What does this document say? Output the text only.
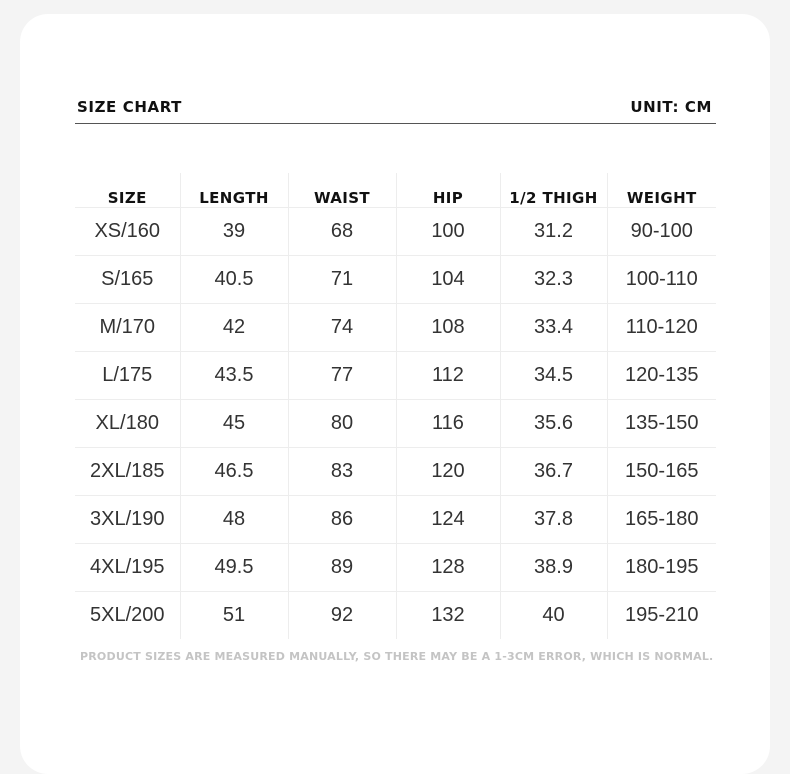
SIZE CHART	UNIT: CM
SIZE	LENGTH	WAIST	HIP	1/2 THIGH	WEIGHT
XS/160	39	68	100	31.2	90-100
S/165	40.5	71	104	32.3	100-110
M/170	42	74	108	33.4	110-120
L/175	43.5	77	112	34.5	120-135
XL/180	45	80	116	35.6	135-150
2XL/185	46.5	83	120	36.7	150-165
3XL/190	48	86	124	37.8	165-180
4XL/195	49.5	89	128	38.9	180-195
5XL/200	51	92	132	40	195-210
PRODUCT SIZES ARE MEASURED MANUALLY, SO THERE MAY BE A 1-3CM ERROR, WHICH IS NORMAL.
